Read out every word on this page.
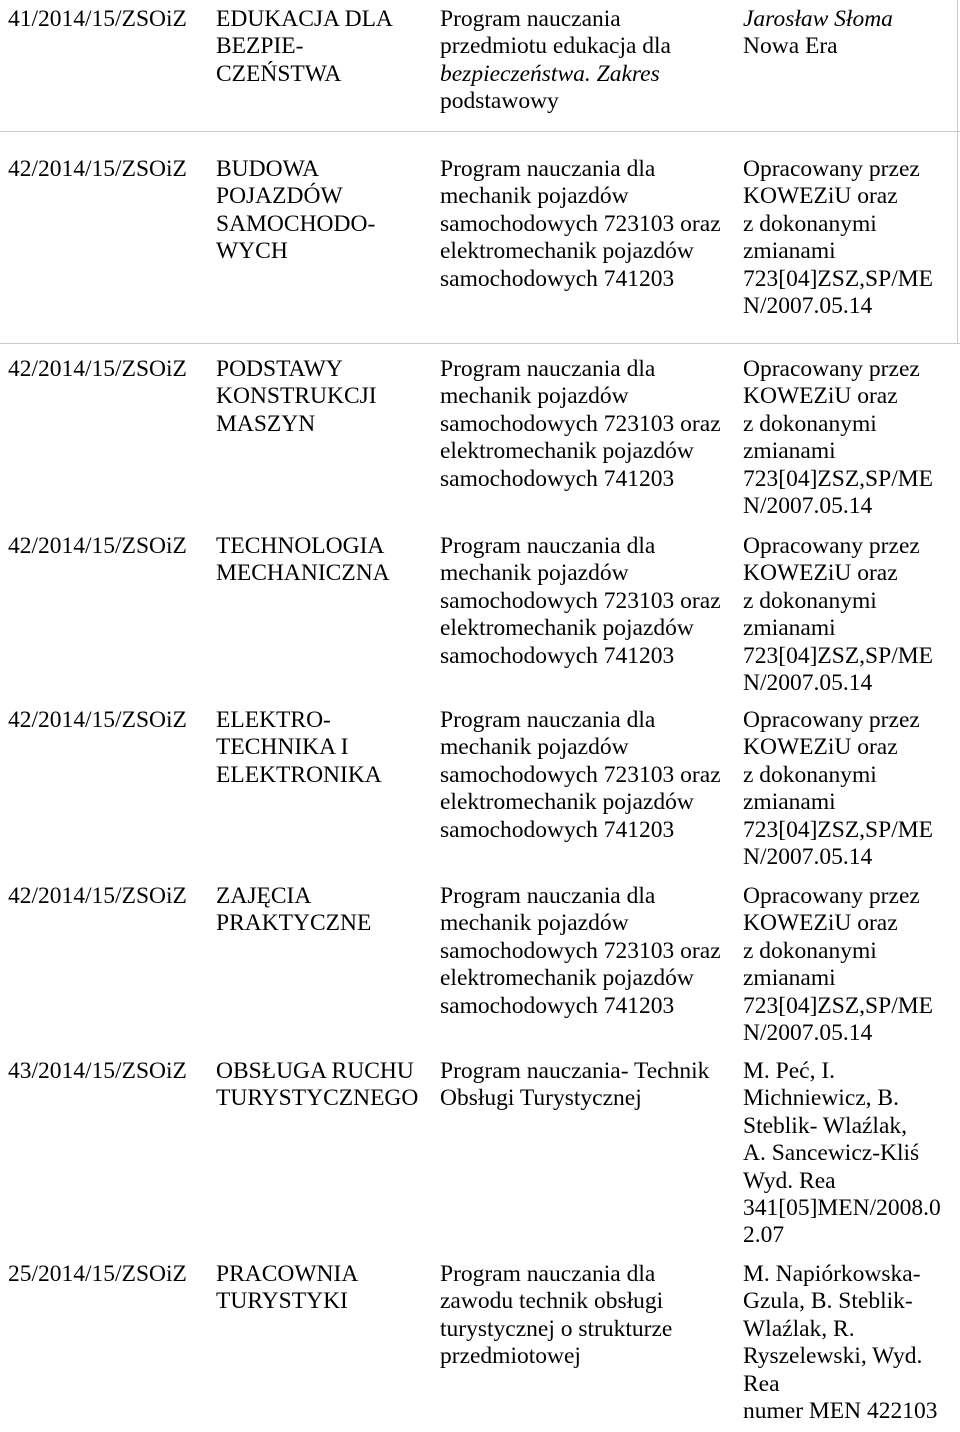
41/2014/15/ZSOiZ EDUKACJA DLA
BEZPIE-
CZEŃSTWA
Program nauczania
przedmiotu edukacja dla
bezpieczeństwa. Zakres
podstawowy
Jarosław Słoma
Nowa Era
42/2014/15/ZSOiZ BUDOWA
POJAZDÓW
SAMOCHODO-
WYCH
Program nauczania dla
mechanik pojazdów
samochodowych 723103 oraz
elektromechanik pojazdów
samochodowych 741203
Opracowany przez
KOWEZiU oraz
z dokonanymi
zmianami
723[04]ZSZ,SP/ME
N/2007.05.14
42/2014/15/ZSOiZ PODSTAWY
KONSTRUKCJI
MASZYN
Program nauczania dla
mechanik pojazdów
samochodowych 723103 oraz
elektromechanik pojazdów
samochodowych 741203
Opracowany przez
KOWEZiU oraz
z dokonanymi
zmianami
723[04]ZSZ,SP/ME
N/2007.05.14
42/2014/15/ZSOiZ TECHNOLOGIA
MECHANICZNA
Program nauczania dla
mechanik pojazdów
samochodowych 723103 oraz
elektromechanik pojazdów
samochodowych 741203
Opracowany przez
KOWEZiU oraz
z dokonanymi
zmianami
723[04]ZSZ,SP/ME
N/2007.05.14
42/2014/15/ZSOiZ ELEKTRO-
TECHNIKA I
ELEKTRONIKA
Program nauczania dla
mechanik pojazdów
samochodowych 723103 oraz
elektromechanik pojazdów
samochodowych 741203
Opracowany przez
KOWEZiU oraz
z dokonanymi
zmianami
723[04]ZSZ,SP/ME
N/2007.05.14
42/2014/15/ZSOiZ ZAJĘCIA
PRAKTYCZNE
Program nauczania dla
mechanik pojazdów
samochodowych 723103 oraz
elektromechanik pojazdów
samochodowych 741203
Opracowany przez
KOWEZiU oraz
z dokonanymi
zmianami
723[04]ZSZ,SP/ME
N/2007.05.14
43/2014/15/ZSOiZ OBSŁUGA RUCHU
TURYSTYCZNEGO
Program nauczania- Technik
Obsługi Turystycznej
M. Peć, I.
Michniewicz, B.
Steblik- Wlaźlak,
A. Sancewicz-Kliś
Wyd. Rea
341[05]MEN/2008.0
2.07
25/2014/15/ZSOiZ PRACOWNIA
TURYSTYKI
Program nauczania dla
zawodu technik obsługi
turystycznej o strukturze
przedmiotowej
M. Napiórkowska-
Gzula, B. Steblik-
Wlaźlak, R.
Ryszelewski, Wyd.
Rea
numer MEN 422103
